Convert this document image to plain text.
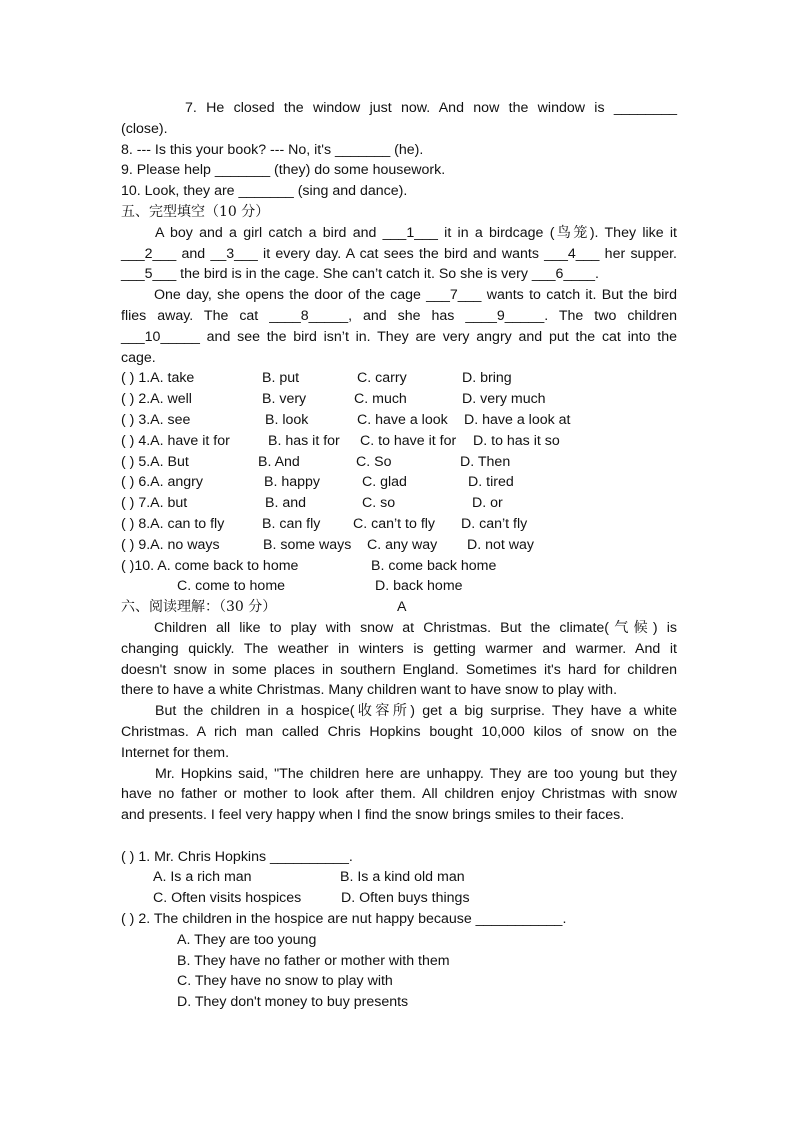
7. He closed the window just now. And now the window is ________
(close).
8. --- Is this your book? --- No, it's _______ (he).
9. Please help _______ (they) do some housework.
10. Look, they are _______ (sing and dance).
五、完型填空（10 分）
A boy and a girl catch a bird and ___1___ it in a birdcage (鸟笼). They like it
___2___ and __3___ it every day. A cat sees the bird and wants ___4___ her supper.
___5___ the bird is in the cage. She can’t catch it. So she is very ___6____.
One day, she opens the door of the cage ___7___ wants to catch it. But the bird
flies away. The cat ____8_____, and she has ____9_____. The two children
___10_____ and see the bird isn’t in. They are very angry and put the cat into the
cage.
( ) 1.A. take	B. put	C. carry	D. bring
( ) 2.A. well	B. very	C. much	D. very much
( ) 3.A. see	B. look	C. have a look D. have a look at
( ) 4.A. have it for	B. has it for C. to have it for D. to has it so
( ) 5.A. But	B. And	C. So	D. Then
( ) 6.A. angry	B. happy	C. glad	D. tired
( ) 7.A. but	B. and	C. so	D. or
( ) 8.A. can to fly	B. can fly C. can’t to fly D. can’t fly
( ) 9.A. no ways	B. some ways C. any way D. not way
( )10. A. come back to home	B. come back home
C. come to home	D. back home
六、阅读理解：（30 分）	A
Children all like to play with snow at Christmas. But the climate(气候) is
changing quickly. The weather in winters is getting warmer and warmer. And it
doesn't snow in some places in southern England. Sometimes it's hard for children
there to have a white Christmas. Many children want to have snow to play with.
But the children in a hospice(收容所) get a big surprise. They have a white
Christmas. A rich man called Chris Hopkins bought 10,000 kilos of snow on the
Internet for them.
Mr. Hopkins said, "The children here are unhappy. They are too young but they
have no father or mother to look after them. All children enjoy Christmas with snow
and presents. I feel very happy when I find the snow brings smiles to their faces.
( ) 1. Mr. Chris Hopkins __________.
A. Is a rich man	B. Is a kind old man
C. Often visits hospices	D. Often buys things
( ) 2. The children in the hospice are nut happy because ___________.
A. They are too young
B. They have no father or mother with them
C. They have no snow to play with
D. They don't money to buy presents
